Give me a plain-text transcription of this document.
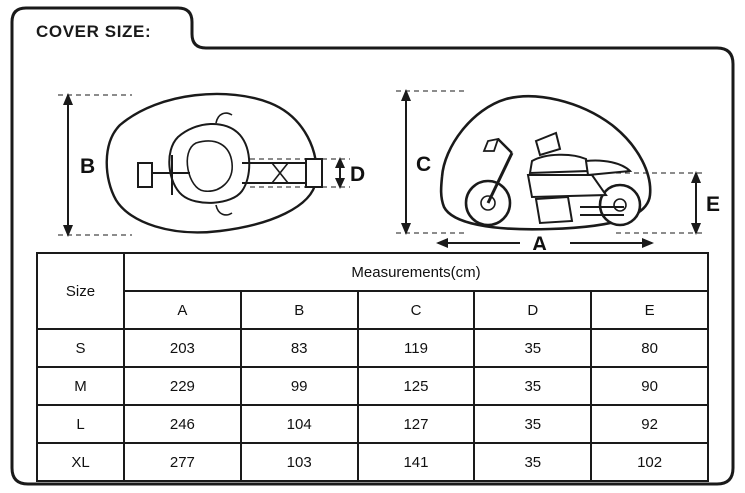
COVER SIZE:
B	D C
E
A
Size	Measurements(cm)				
	A	B	C	D	E
S	203	83	119	35	80
M	229	99	125	35	90
L	246	104	127	35	92
XL	277	103	141	35	102
